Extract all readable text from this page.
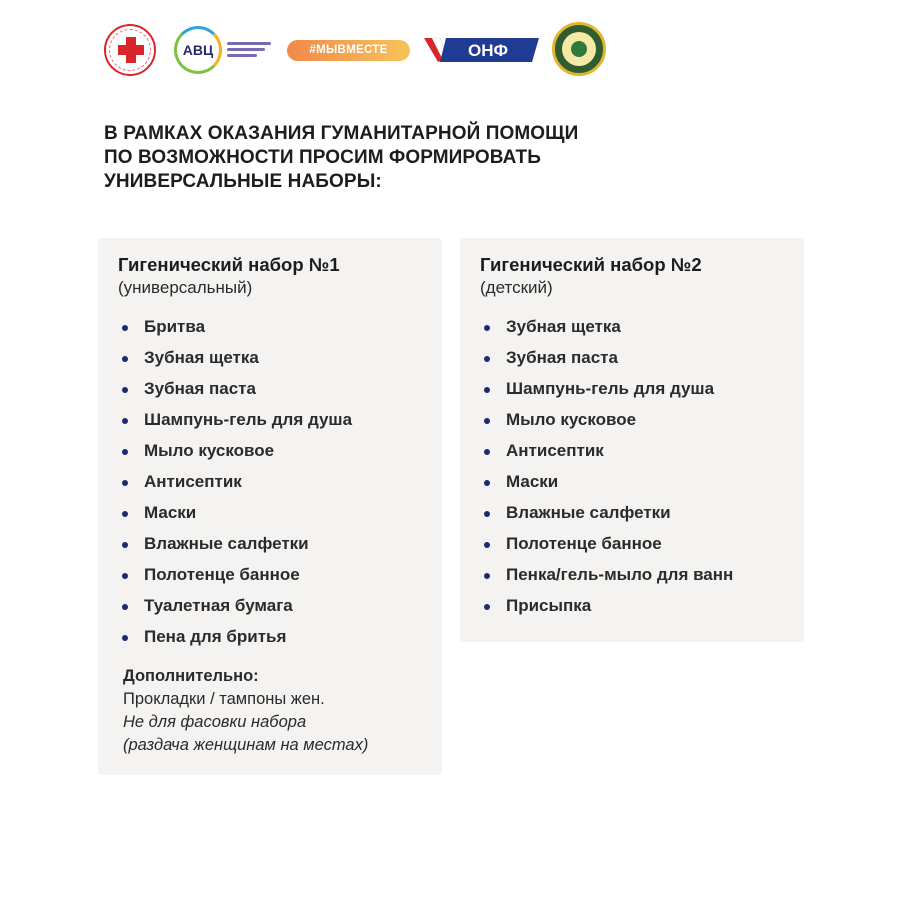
АВЦ	#МЫВМЕСТЕ	ОНФ
В РАМКАХ ОКАЗАНИЯ ГУМАНИТАРНОЙ ПОМОЩИ
ПО ВОЗМОЖНОСТИ ПРОСИМ ФОРМИРОВАТЬ
УНИВЕРСАЛЬНЫЕ НАБОРЫ:
Гигенический набор №1
(универсальный)
Бритва
Зубная щетка
Зубная паста
Шампунь-гель для душа
Мыло кусковое
Антисептик
Маски
Влажные салфетки
Полотенце банное
Туалетная бумага
Пена для бритья
Дополнительно:
Прокладки / тампоны жен.
Не для фасовки набора
(раздача женщинам на местах)
Гигенический набор №2
(детский)
Зубная щетка
Зубная паста
Шампунь-гель для душа
Мыло кусковое
Антисептик
Маски
Влажные салфетки
Полотенце банное
Пенка/гель-мыло для ванн
Присыпка
